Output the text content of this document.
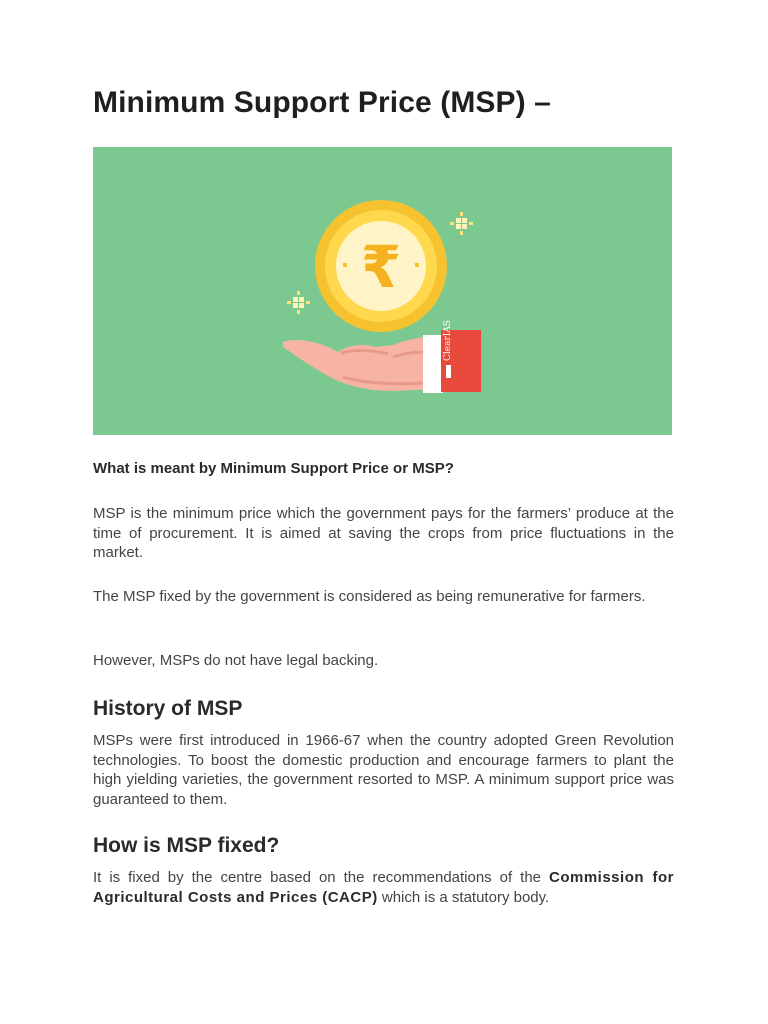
Minimum Support Price (MSP) –
₹
ClearIAS

What is meant by Minimum Support Price or MSP?

MSP is the minimum price which the government pays for the farmers’ produce at the time of procurement. It is aimed at saving the crops from price fluctuations in the market.

The MSP fixed by the government is considered as being remunerative for farmers.

However, MSPs do not have legal backing.

History of MSP

MSPs were first introduced in 1966-67 when the country adopted Green Revolution technologies. To boost the domestic production and encourage farmers to plant the high yielding varieties, the government resorted to MSP. A minimum support price was guaranteed to them.

How is MSP fixed?

It is fixed by the centre based on the recommendations of the Commission for Agricultural Costs and Prices (CACP) which is a statutory body.
